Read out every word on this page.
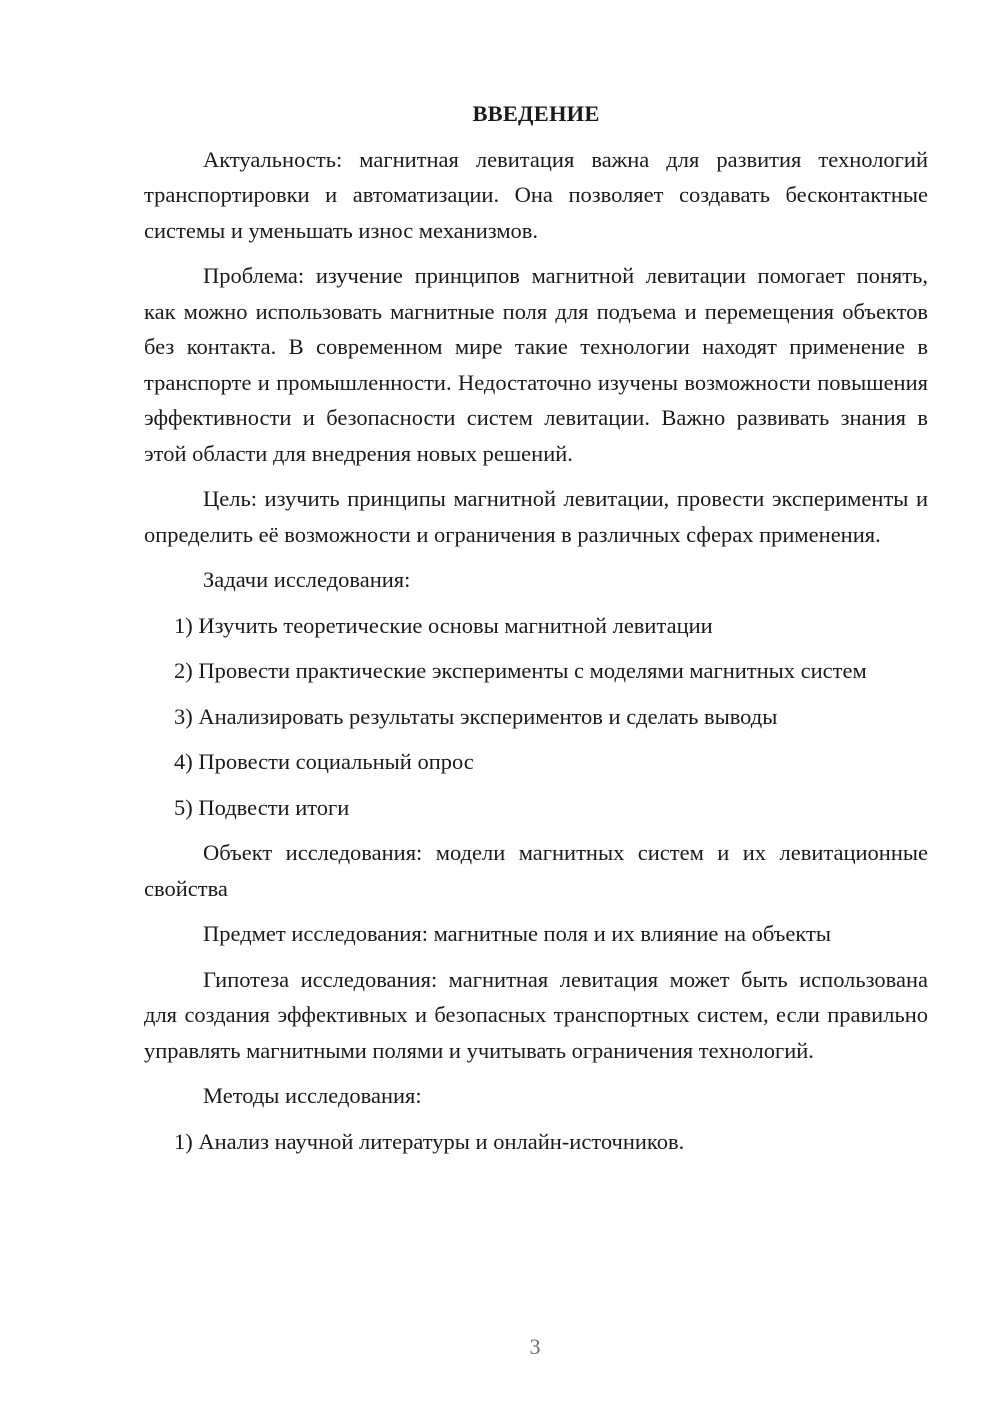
ВВЕДЕНИЕ

Актуальность: магнитная левитация важна для развития технологий транспортировки и автоматизации. Она позволяет создавать бесконтактные системы и уменьшать износ механизмов.

Проблема: изучение принципов магнитной левитации помогает понять, как можно использовать магнитные поля для подъема и перемещения объектов без контакта. В современном мире такие технологии находят применение в транспорте и промышленности. Недостаточно изучены возможности повышения эффективности и безопасности систем левитации. Важно развивать знания в этой области для внедрения новых решений.

Цель: изучить принципы магнитной левитации, провести эксперименты и определить её возможности и ограничения в различных сферах применения.

Задачи исследования:

1) Изучить теоретические основы магнитной левитации

2) Провести практические эксперименты с моделями магнитных систем

3) Анализировать результаты экспериментов и сделать выводы

4) Провести социальный опрос

5) Подвести итоги

Объект исследования: модели магнитных систем и их левитационные свойства

Предмет исследования: магнитные поля и их влияние на объекты

Гипотеза исследования: магнитная левитация может быть использована для создания эффективных и безопасных транспортных систем, если правильно управлять магнитными полями и учитывать ограничения технологий.

Методы исследования:

1) Анализ научной литературы и онлайн-источников.

3
